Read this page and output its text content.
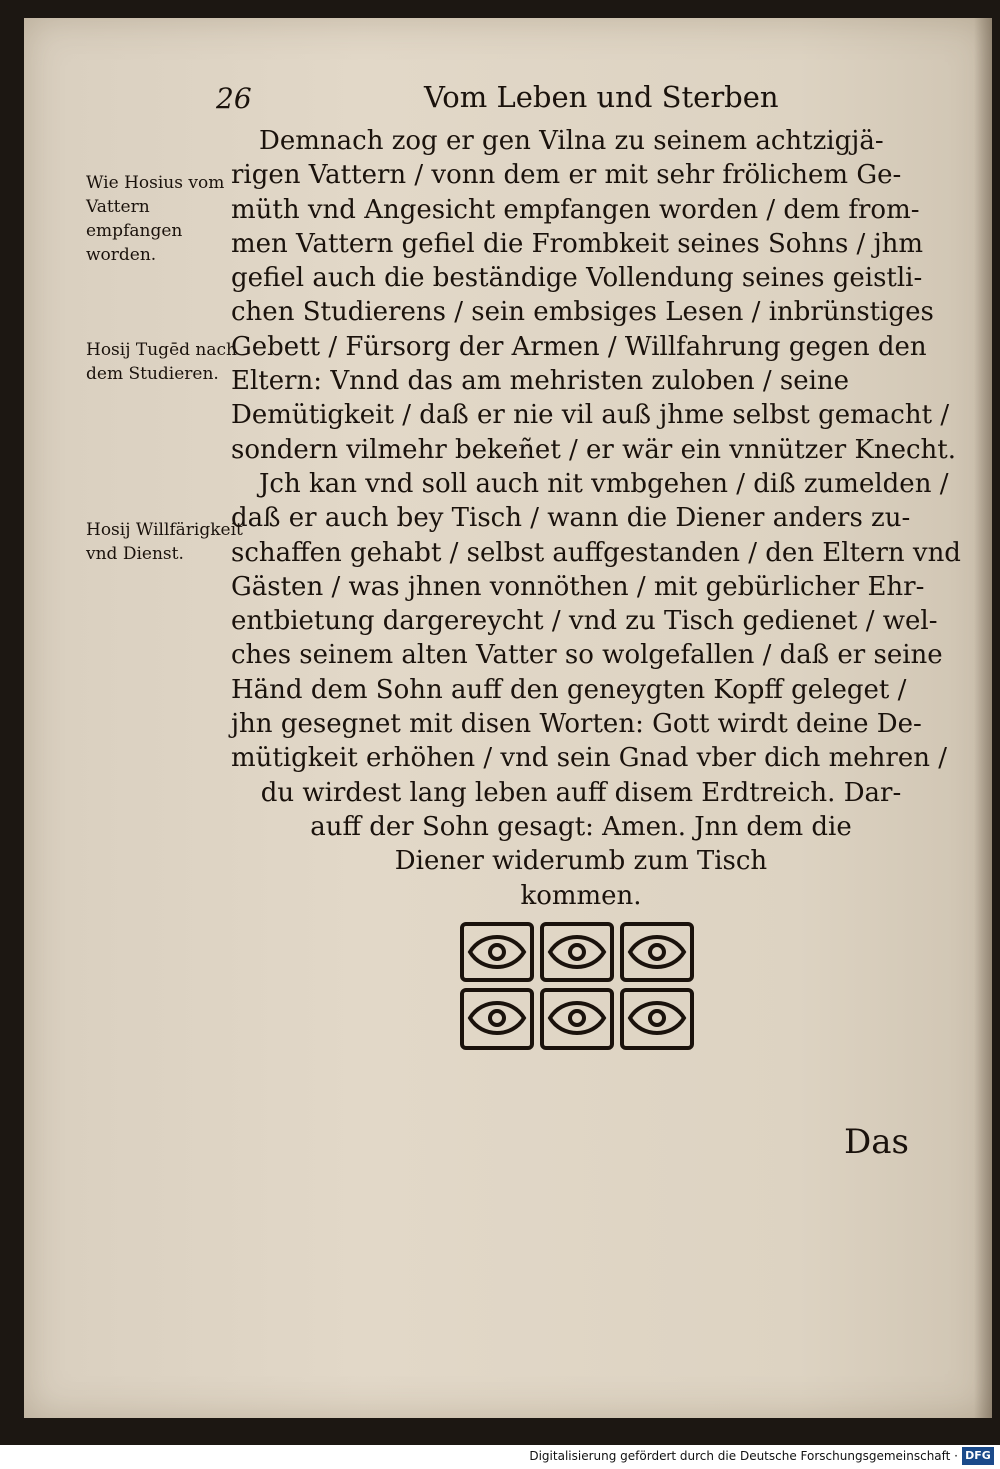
26	Vom Leben und Sterben
Wie Hosius vom Vattern empfangen worden.
Hosij Tugēd nach dem Studieren.
Hosij Willfärigkeit vnd Dienst.
Demnach zog er gen Vilna zu seinem achtzigjä-
rigen Vattern / vonn dem er mit sehr frölichem Ge-
müth vnd Angesicht empfangen worden / dem from-
men Vattern gefiel die Frombkeit seines Sohns / jhm
gefiel auch die beständige Vollendung seines geistli-
chen Studierens / sein embsiges Lesen / inbrünstiges
Gebett / Fürsorg der Armen / Willfahrung gegen den
Eltern: Vnnd das am mehristen zuloben / seine
Demütigkeit / daß er nie vil auß jhme selbst gemacht /
sondern vilmehr bekeñet / er wär ein vnnützer Knecht.
Jch kan vnd soll auch nit vmbgehen / diß zumelden /
daß er auch bey Tisch / wann die Diener anders zu-
schaffen gehabt / selbst auffgestanden / den Eltern vnd
Gästen / was jhnen vonnöthen / mit gebürlicher Ehr-
entbietung dargereycht / vnd zu Tisch gedienet / wel-
ches seinem alten Vatter so wolgefallen / daß er seine
Händ dem Sohn auff den geneygten Kopff geleget /
jhn gesegnet mit disen Worten: Gott wirdt deine De-
mütigkeit erhöhen / vnd sein Gnad vber dich mehren /
du wirdest lang leben auff disem Erdtreich. Dar-
auff der Sohn gesagt: Amen. Jnn dem die
Diener widerumb zum Tisch
kommen.
Das
Digitalisierung gefördert durch die Deutsche Forschungsgemeinschaft · DFG
